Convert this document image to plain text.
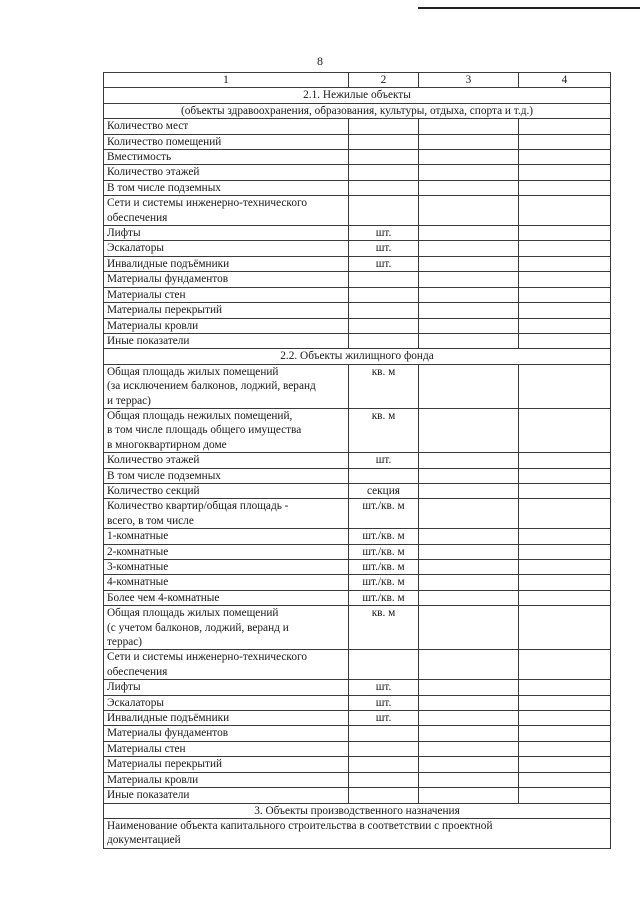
8
1	2	3	4
2.1. Нежилые объекты			
(объекты здравоохранения, образования, культуры, отдыха, спорта и т.д.)			
Количество мест			
Количество помещений			
Вместимость			
Количество этажей			
В том числе подземных			

Сети и системы инженерно-технического
обеспечения			

Лифты	шт.		
Эскалаторы	шт.		
Инвалидные подъёмники	шт.		
Материалы фундаментов			
Материалы стен			
Материалы перекрытий			
Материалы кровли			
Иные показатели			
2.2. Объекты жилищного фонда			

Общая площадь жилых помещений
(за исключением балконов, лоджий, веранд
и террас)	кв. м		

Общая площадь нежилых помещений,
в том числе площадь общего имущества
в многоквартирном доме	кв. м		
Количество этажей	шт.		
В том числе подземных			
Количество секций	секция		

Количество квартир/общая площадь -
всего, в том числе	шт./кв. м		
1-комнатные	шт./кв. м		
2-комнатные	шт./кв. м		
3-комнатные	шт./кв. м		
4-комнатные	шт./кв. м		
Более чем 4-комнатные	шт./кв. м		

Общая площадь жилых помещений
(с учетом балконов, лоджий, веранд и
террас)	кв. м		

Сети и системы инженерно-технического
обеспечения			

Лифты	шт.		
Эскалаторы	шт.		
Инвалидные подъёмники	шт.		
Материалы фундаментов			
Материалы стен			
Материалы перекрытий			
Материалы кровли			
Иные показатели			
3. Объекты производственного назначения			

Наименование объекта капитального строительства в соответствии с проектной
документацией			
